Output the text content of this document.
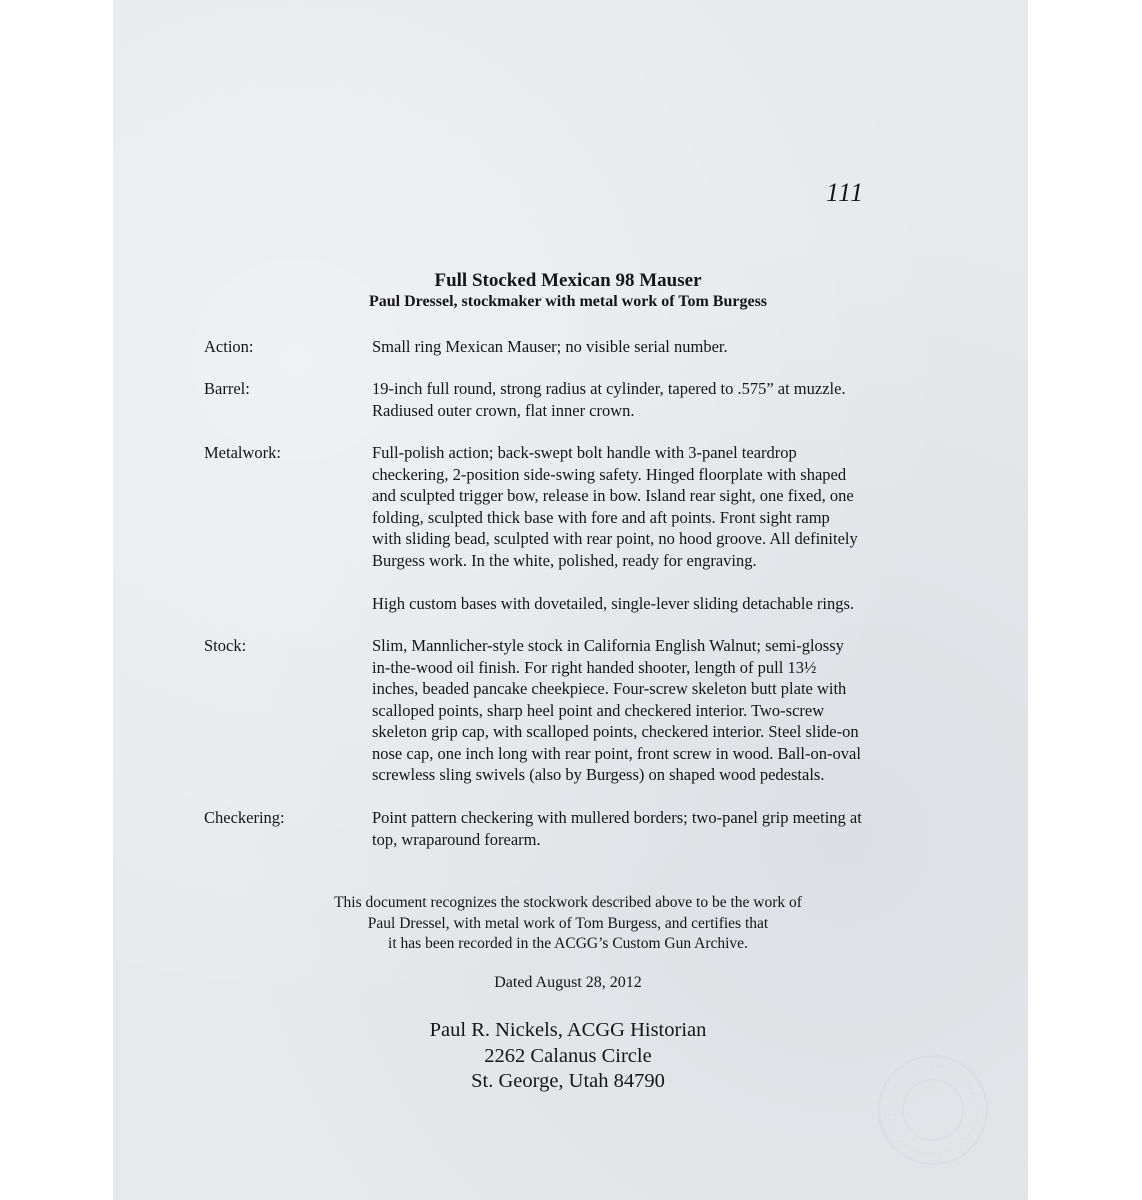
111
Full Stocked Mexican 98 Mauser
Paul Dressel, stockmaker with metal work of Tom Burgess
Action:	Small ring Mexican Mauser; no visible serial number.
Barrel:	19-inch full round, strong radius at cylinder, tapered to .575” at muzzle.
Radiused outer crown, flat inner crown.
Metalwork:	Full-polish action; back-swept bolt handle with 3-panel teardrop
checkering, 2-position side-swing safety. Hinged floorplate with shaped
and sculpted trigger bow, release in bow. Island rear sight, one fixed, one
folding, sculpted thick base with fore and aft points. Front sight ramp
with sliding bead, sculpted with rear point, no hood groove. All definitely
Burgess work. In the white, polished, ready for engraving.
High custom bases with dovetailed, single-lever sliding detachable rings.
Stock:	Slim, Mannlicher-style stock in California English Walnut; semi-glossy
in-the-wood oil finish. For right handed shooter, length of pull 13½
inches, beaded pancake cheekpiece. Four-screw skeleton butt plate with
scalloped points, sharp heel point and checkered interior. Two-screw
skeleton grip cap, with scalloped points, checkered interior. Steel slide-on
nose cap, one inch long with rear point, front screw in wood. Ball-on-oval
screwless sling swivels (also by Burgess) on shaped wood pedestals.
Checkering:	Point pattern checkering with mullered borders; two-panel grip meeting at
top, wraparound forearm.
This document recognizes the stockwork described above to be the work of
Paul Dressel, with metal work of Tom Burgess, and certifies that
it has been recorded in the ACGG’s Custom Gun Archive.
Dated August 28, 2012
Paul R. Nickels, ACGG Historian
2262 Calanus Circle
St. George, Utah 84790
